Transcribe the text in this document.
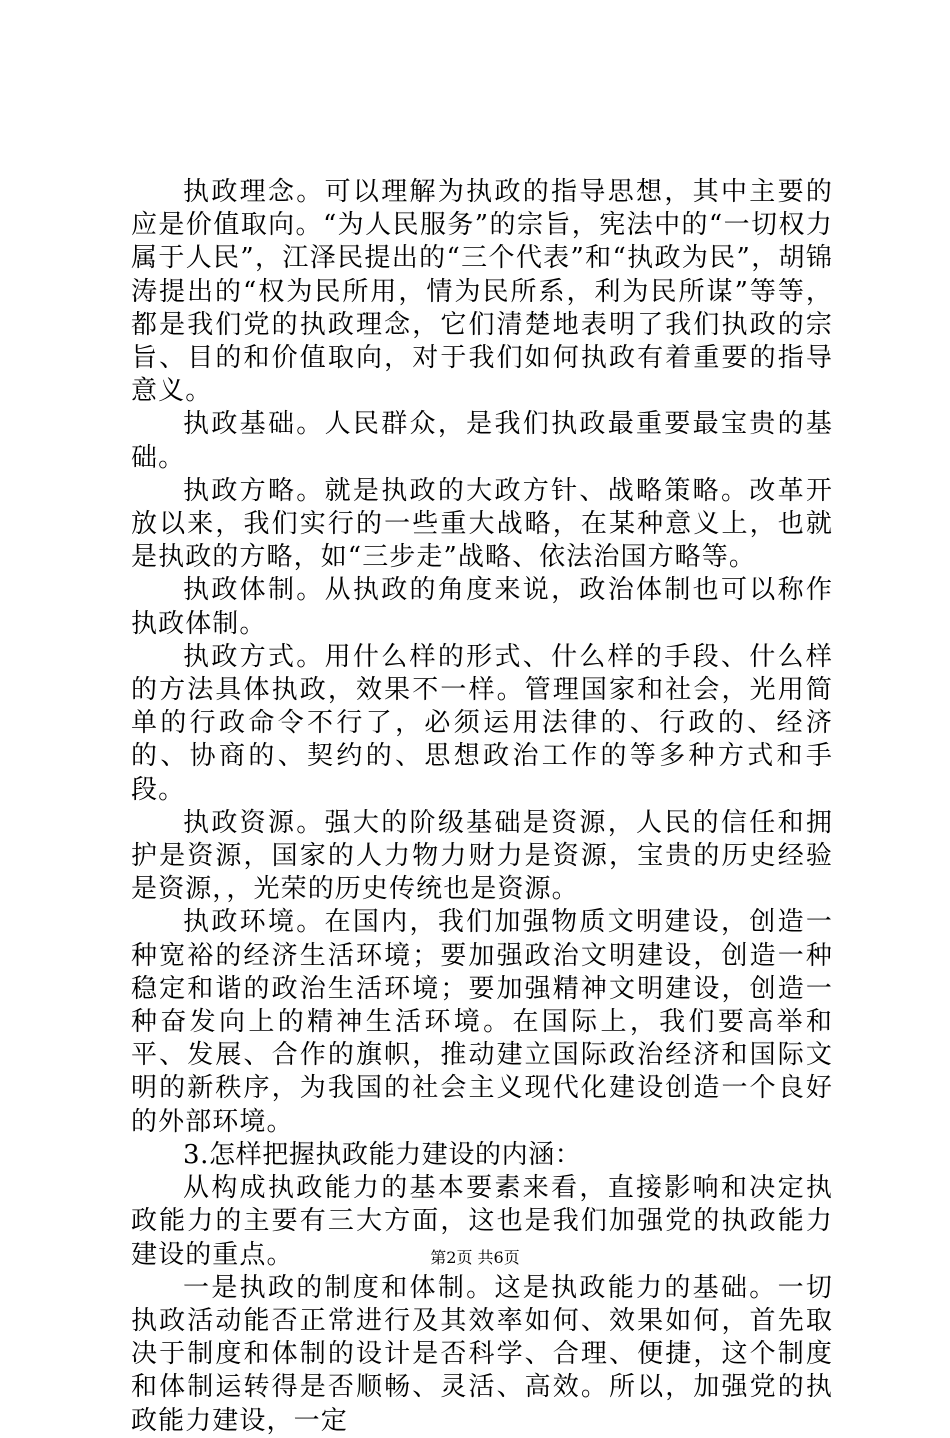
执政理念。可以理解为执政的指导思想，其中主要的应是价值取向。“为人民服务”的宗旨，宪法中的“一切权力属于人民”，江泽民提出的“三个代表”和“执政为民”，胡锦涛提出的“权为民所用，情为民所系，利为民所谋”等等，都是我们党的执政理念，它们清楚地表明了我们执政的宗旨、目的和价值取向，对于我们如何执政有着重要的指导意义。

执政基础。人民群众，是我们执政最重要最宝贵的基础。

执政方略。就是执政的大政方针、战略策略。改革开放以来，我们实行的一些重大战略，在某种意义上，也就是执政的方略，如“三步走”战略、依法治国方略等。

执政体制。从执政的角度来说，政治体制也可以称作执政体制。

执政方式。用什么样的形式、什么样的手段、什么样的方法具体执政，效果不一样。管理国家和社会，光用简单的行政命令不行了，必须运用法律的、行政的、经济的、协商的、契约的、思想政治工作的等多种方式和手段。

执政资源。强大的阶级基础是资源，人民的信任和拥护是资源，国家的人力物力财力是资源，宝贵的历史经验是资源，，光荣的历史传统也是资源。

执政环境。在国内，我们加强物质文明建设，创造一种宽裕的经济生活环境；要加强政治文明建设，创造一种稳定和谐的政治生活环境；要加强精神文明建设，创造一种奋发向上的精神生活环境。在国际上，我们要高举和平、发展、合作的旗帜，推动建立国际政治经济和国际文明的新秩序，为我国的社会主义现代化建设创造一个良好的外部环境。

3.怎样把握执政能力建设的内涵：

从构成执政能力的基本要素来看，直接影响和决定执政能力的主要有三大方面，这也是我们加强党的执政能力建设的重点。

一是执政的制度和体制。这是执政能力的基础。一切执政活动能否正常进行及其效率如何、效果如何，首先取决于制度和体制的设计是否科学、合理、便捷，这个制度和体制运转得是否顺畅、灵活、高效。所以，加强党的执政能力建设，一定

第2页 共6页
